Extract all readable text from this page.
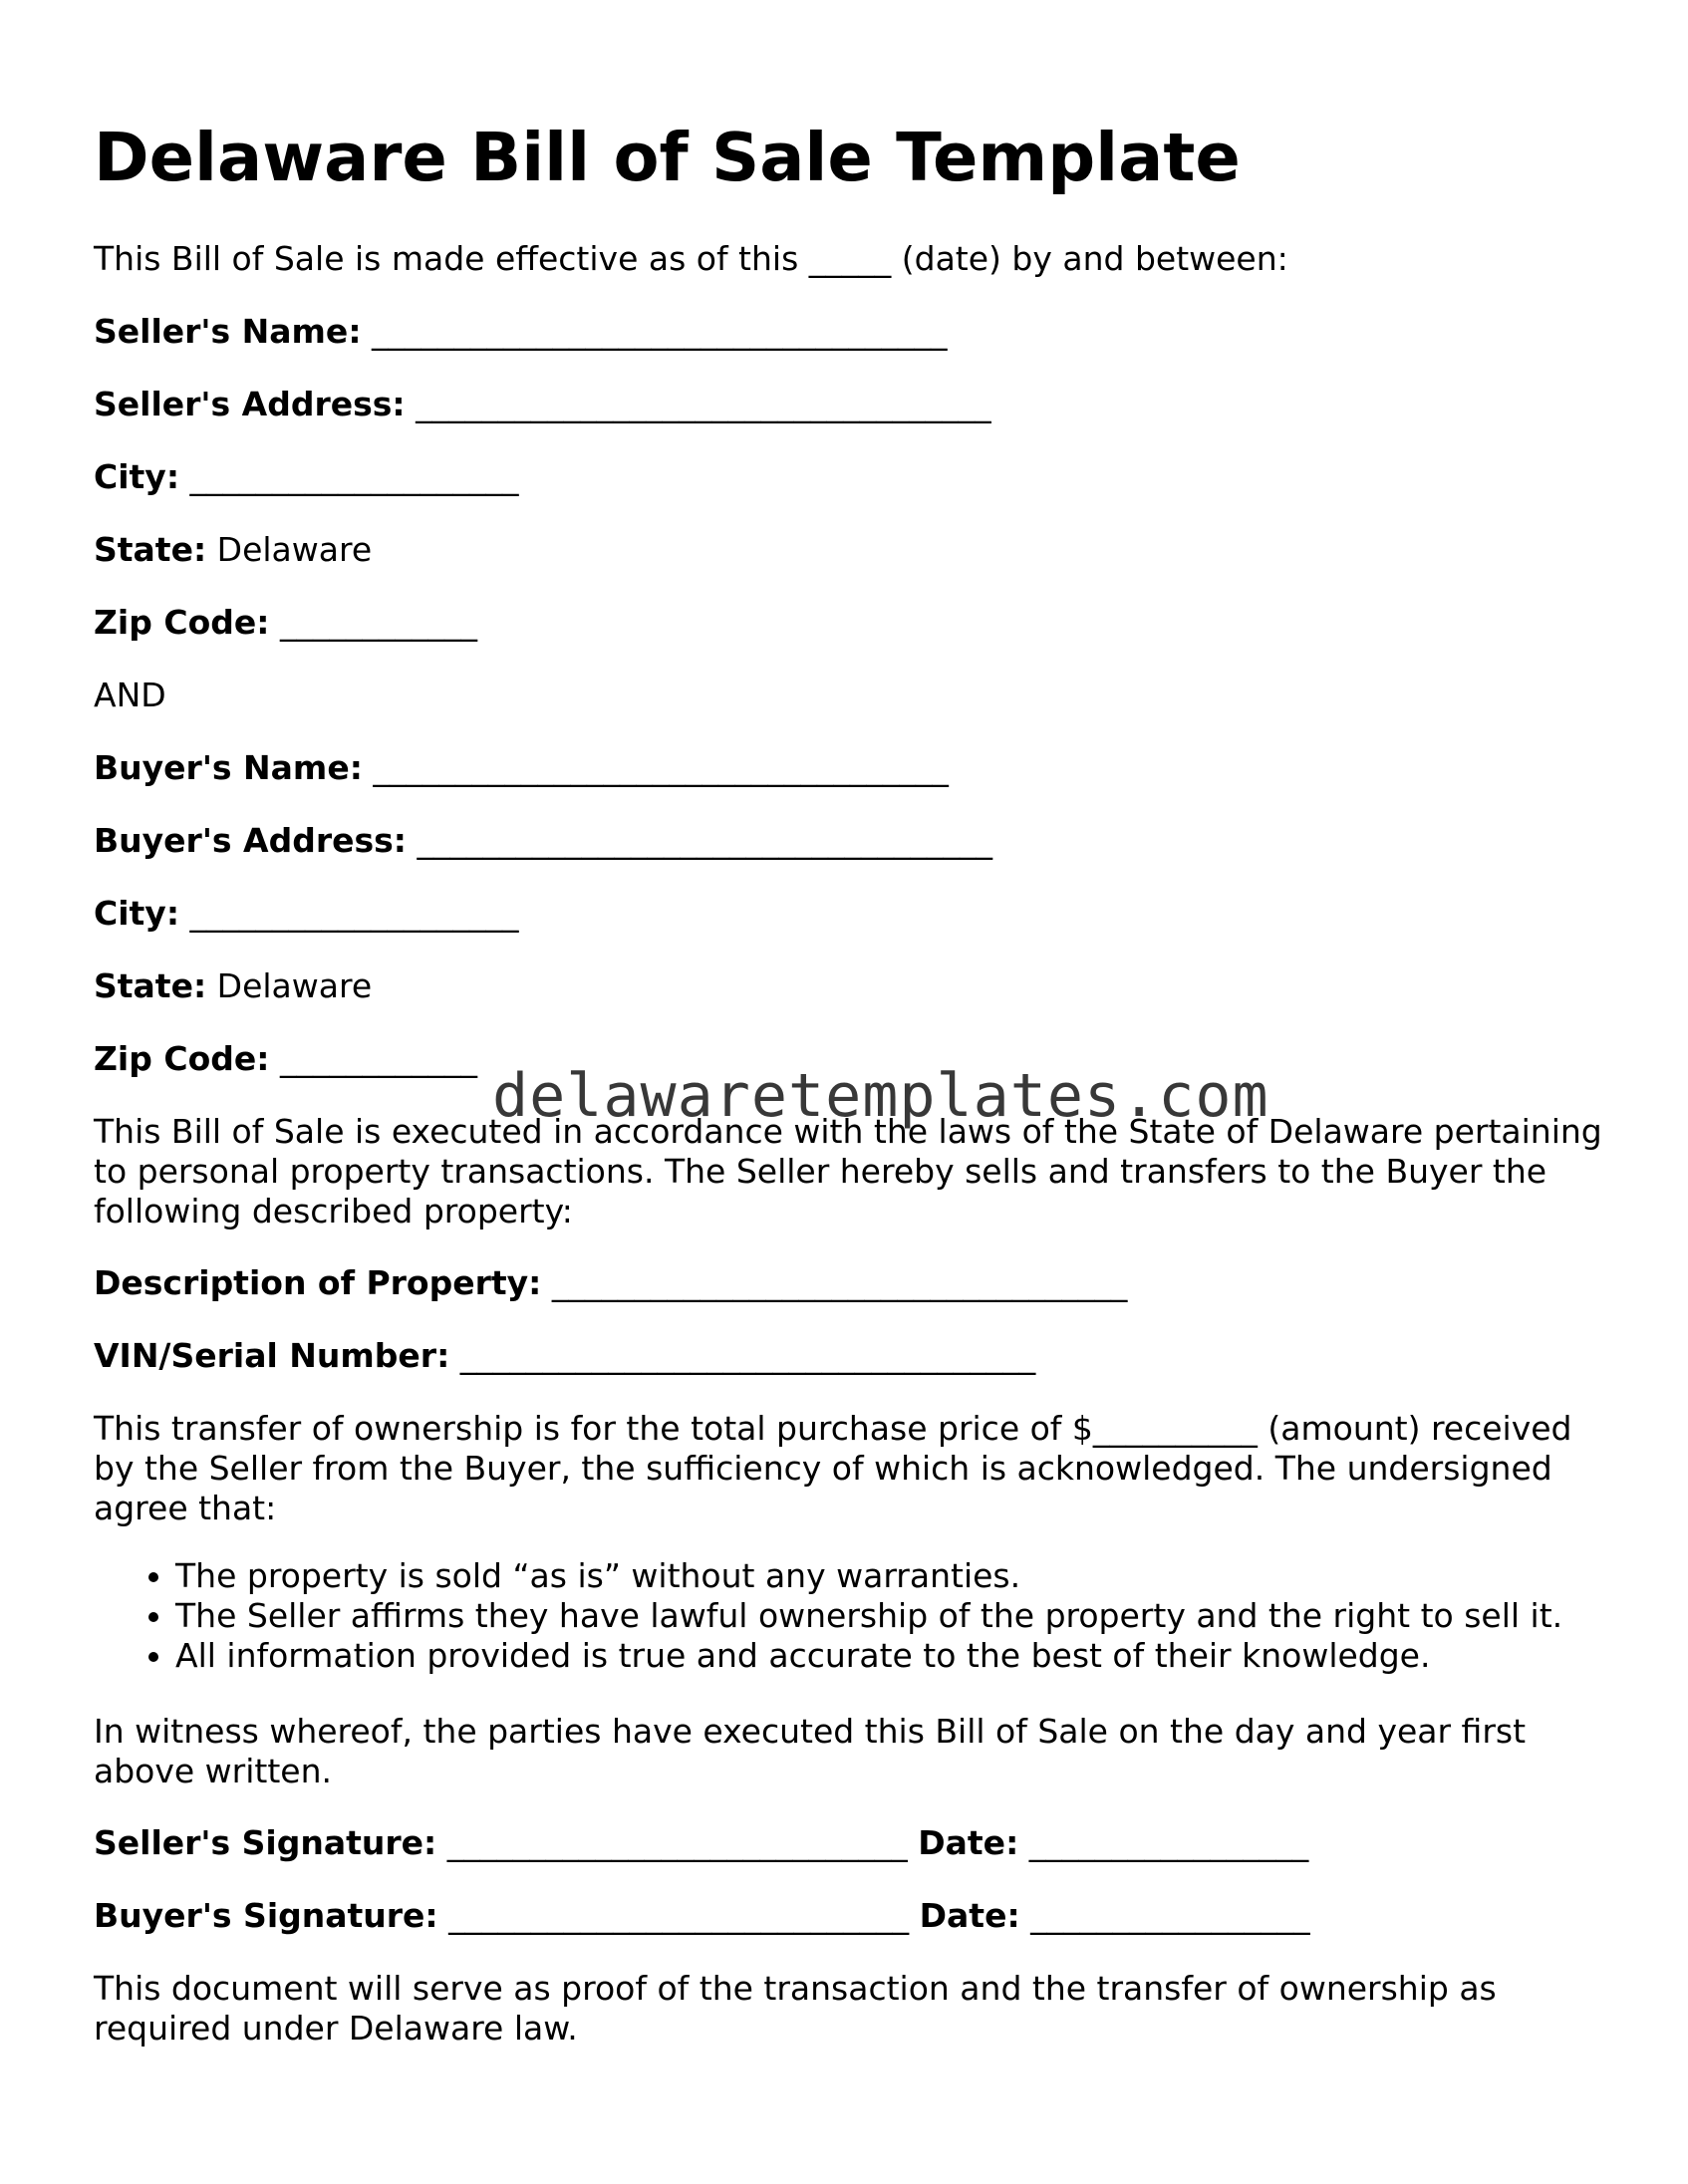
Delaware Bill of Sale Template

This Bill of Sale is made effective as of this _____ (date) by and between:

Seller's Name: ___________________________________

Seller's Address: ___________________________________

City: ____________________

State: Delaware

Zip Code: ____________

AND

Buyer's Name: ___________________________________

Buyer's Address: ___________________________________

City: ____________________

State: Delaware

Zip Code: ____________

delawaretemplates.com

This Bill of Sale is executed in accordance with the laws of the State of Delaware pertaining to personal property transactions. The Seller hereby sells and transfers to the Buyer the following described property:

Description of Property: ___________________________________

VIN/Serial Number: ___________________________________

This transfer of ownership is for the total purchase price of $__________ (amount) received by the Seller from the Buyer, the sufficiency of which is acknowledged. The undersigned agree that:

• The property is sold “as is” without any warranties.
• The Seller affirms they have lawful ownership of the property and the right to sell it.
• All information provided is true and accurate to the best of their knowledge.

In witness whereof, the parties have executed this Bill of Sale on the day and year first above written.

Seller's Signature: ____________________________ Date: _________________

Buyer's Signature: ____________________________ Date: _________________

This document will serve as proof of the transaction and the transfer of ownership as required under Delaware law.
